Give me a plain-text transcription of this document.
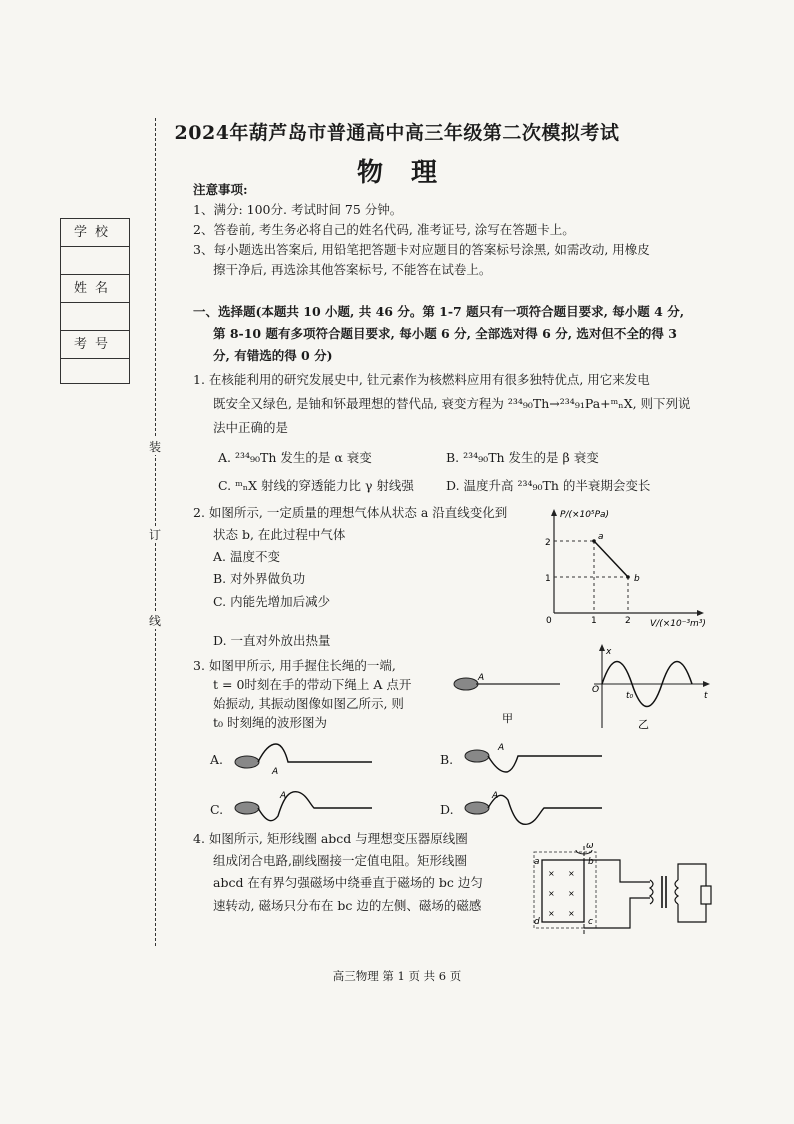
2024年葫芦岛市普通高中高三年级第二次模拟考试
物理
学校
姓名
考号
装
订
线
注意事项:
1、满分: 100分. 考试时间 75 分钟。
2、答卷前, 考生务必将自己的姓名代码, 准考证号, 涂写在答题卡上。
3、每小题选出答案后, 用铅笔把答题卡对应题目的答案标号涂黑, 如需改动, 用橡皮
擦干净后, 再选涂其他答案标号, 不能答在试卷上。
一、选择题(本题共 10 小题, 共 46 分。第 1-7 题只有一项符合题目要求, 每小题 4 分,
第 8-10 题有多项符合题目要求, 每小题 6 分, 全部选对得 6 分, 选对但不全的得 3
分, 有错选的得 0 分)
1. 在核能利用的研究发展史中, 钍元素作为核燃料应用有很多独特优点, 用它来发电
既安全又绿色, 是铀和钚最理想的替代品, 衰变方程为 ²³⁴₉₀Th→²³⁴₉₁Pa+ᵐₙX, 则下列说
法中正确的是
A. ²³⁴₉₀Th 发生的是 α 衰变	B. ²³⁴₉₀Th 发生的是 β 衰变
C. ᵐₙX 射线的穿透能力比 γ 射线强	D. 温度升高 ²³⁴₉₀Th 的半衰期会变长
2. 如图所示, 一定质量的理想气体从状态 a 沿直线变化到
状态 b, 在此过程中气体
A. 温度不变
B. 对外界做负功
C. 内能先增加后减少
D. 一直对外放出热量
P/(×10⁵Pa)
V/(×10⁻³m³)
0
2
1
1	2
a
b
3. 如图甲所示, 用手握住长绳的一端,
t = 0时刻在手的带动下绳上 A 点开
始振动, 其振动图像如图乙所示, 则
t₀ 时刻绳的波形图为
A
甲
x
O
t
t₀
乙
A.
A
B.
A
C.
A
D.
A
4. 如图所示, 矩形线圈 abcd 与理想变压器原线圈
组成闭合电路,副线圈接一定值电阻。矩形线圈
abcd 在有界匀强磁场中绕垂直于磁场的 bc 边匀
速转动, 磁场只分布在 bc 边的左侧、磁场的磁感
ω
a	b
c
d
× ×
× ×
× ×
高三物理 第 1 页 共 6 页
